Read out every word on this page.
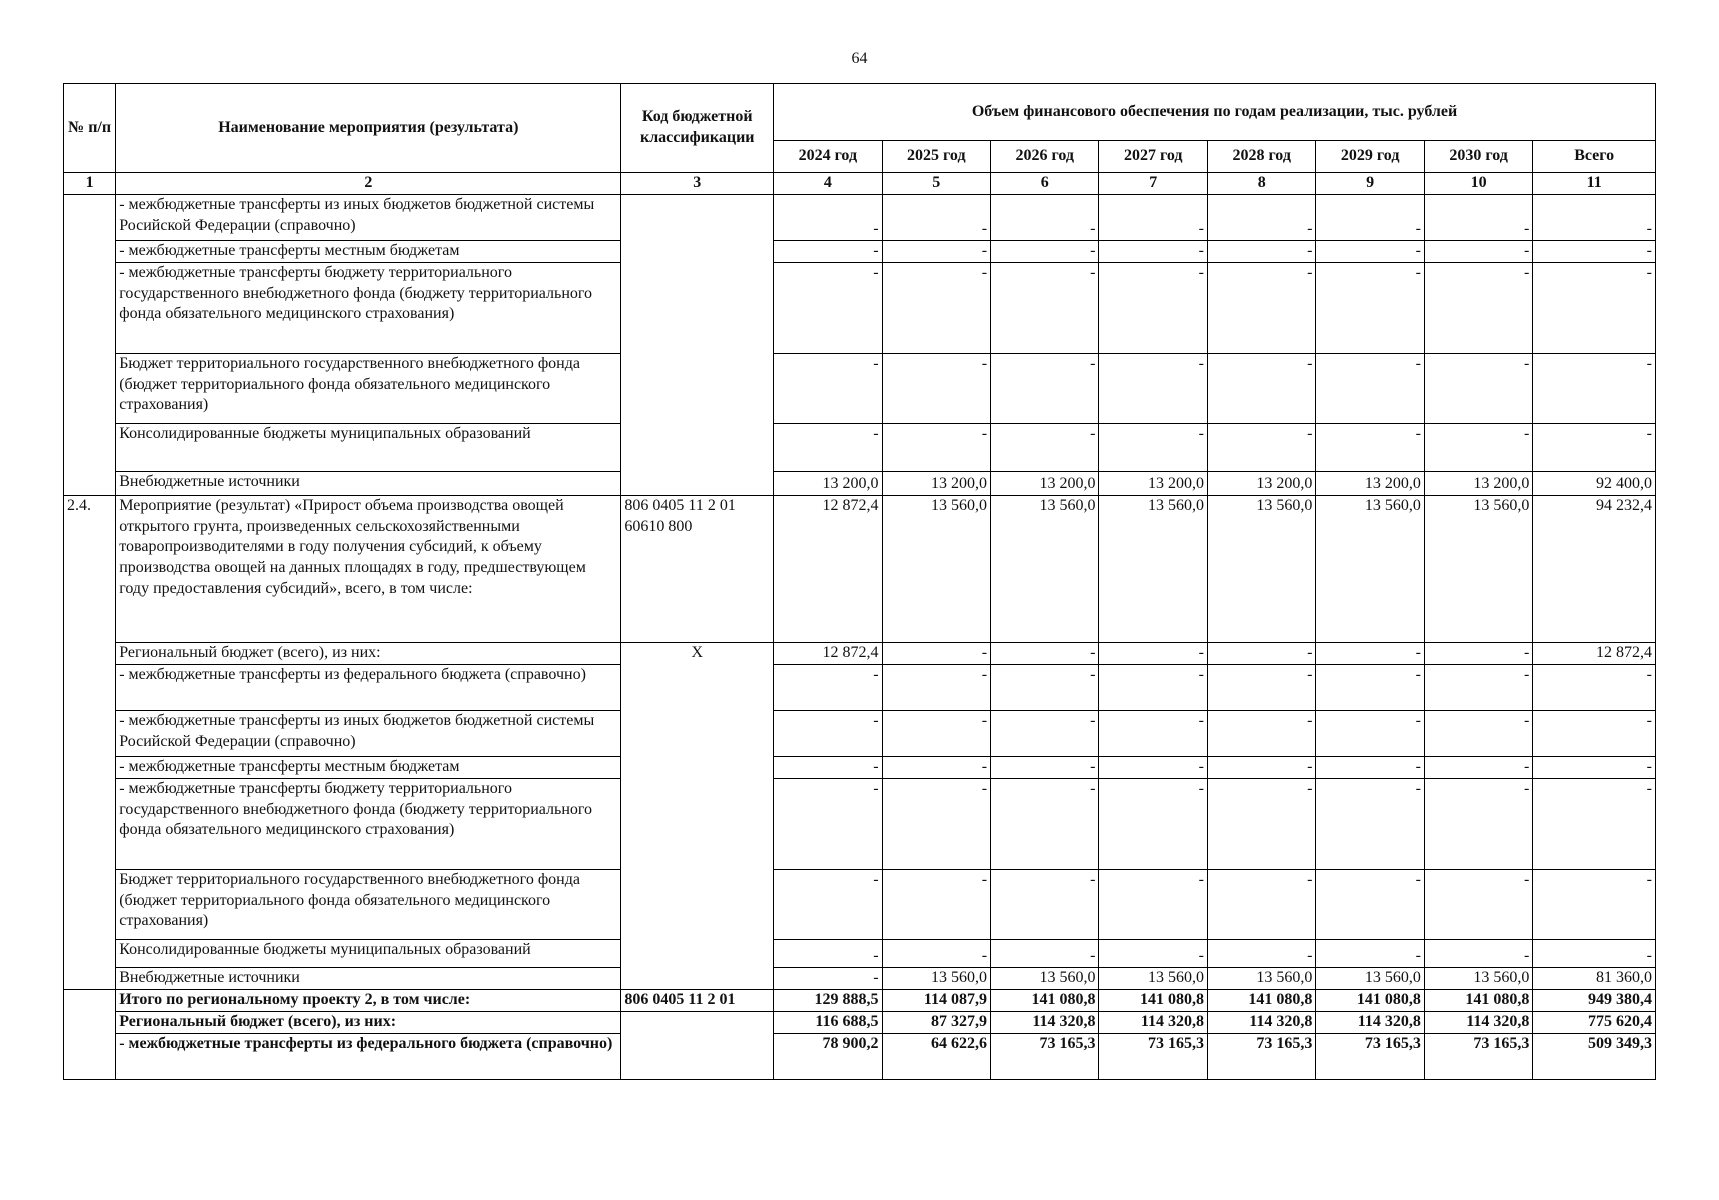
64
№ п/п	Наименование мероприятия (результата)	Код бюджетной классификации	Объем финансового обеспечения по годам реализации, тыс. рублей							
			2024 год	2025 год	2026 год	2027 год	2028 год	2029 год	2030 год	Всего
1	2	3	4	5	6	7	8	9	10	11
	- межбюджетные трансферты из иных бюджетов бюджетной системы Росийской Федерации (справочно)		-	-	-	-	-	-	-	-
	- межбюджетные трансферты местным бюджетам		-	-	-	-	-	-	-	-
	- межбюджетные трансферты бюджету территориального государственного внебюджетного фонда (бюджету территориального фонда обязательного медицинского страхования)		-	-	-	-	-	-	-	-
	Бюджет территориального государственного внебюджетного фонда (бюджет территориального фонда обязательного медицинского страхования)		-	-	-	-	-	-	-	-
	Консолидированные бюджеты муниципальных образований		-	-	-	-	-	-	-	-
	Внебюджетные источники		13 200,0	13 200,0	13 200,0	13 200,0	13 200,0	13 200,0	13 200,0	92 400,0
2.4.	Мероприятие (результат) «Прирост объема производства овощей открытого грунта, произведенных сельскохозяйственными товаропроизводителями в году получения субсидий, к объему производства овощей на данных площадях в году, предшествующем году предоставления субсидий», всего, в том числе:	806 0405 11 2 01 60610 800	12 872,4	13 560,0	13 560,0	13 560,0	13 560,0	13 560,0	13 560,0	94 232,4
	Региональный бюджет (всего), из них:	Х	12 872,4	-	-	-	-	-	-	12 872,4
	- межбюджетные трансферты из федерального бюджета (справочно)		-	-	-	-	-	-	-	-
	- межбюджетные трансферты из иных бюджетов бюджетной системы Росийской Федерации (справочно)		-	-	-	-	-	-	-	-
	- межбюджетные трансферты местным бюджетам		-	-	-	-	-	-	-	-
	- межбюджетные трансферты бюджету территориального государственного внебюджетного фонда (бюджету территориального фонда обязательного медицинского страхования)		-	-	-	-	-	-	-	-
	Бюджет территориального государственного внебюджетного фонда (бюджет территориального фонда обязательного медицинского страхования)		-	-	-	-	-	-	-	-
	Консолидированные бюджеты муниципальных образований		-	-	-	-	-	-	-	-
	Внебюджетные источники		-	13 560,0	13 560,0	13 560,0	13 560,0	13 560,0	13 560,0	81 360,0
	Итого по региональному проекту 2, в том числе:	806 0405 11 2 01	129 888,5	114 087,9	141 080,8	141 080,8	141 080,8	141 080,8	141 080,8	949 380,4
	Региональный бюджет (всего), из них:		116 688,5	87 327,9	114 320,8	114 320,8	114 320,8	114 320,8	114 320,8	775 620,4
	- межбюджетные трансферты из федерального бюджета (справочно)		78 900,2	64 622,6	73 165,3	73 165,3	73 165,3	73 165,3	73 165,3	509 349,3
